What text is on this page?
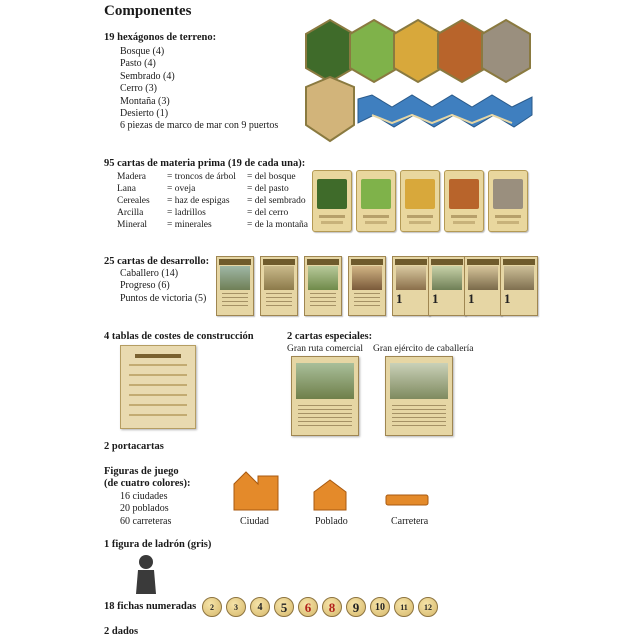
Componentes
19 hexágonos de terreno:
Bosque (4)
Pasto (4)
Sembrado (4)
Cerro (3)
Montaña (3)
Desierto (1)
6 piezas de marco de mar con 9 puertos
95 cartas de materia prima (19 de cada una):
Madera	= troncos de árbol	= del bosque
Lana	= oveja	= del pasto
Cereales	= haz de espigas	= del sembrado
Arcilla	= ladrillos	= del cerro
Mineral	= minerales	= de la montaña
25 cartas de desarrollo:
Caballero (14)
Progreso (6)
Puntos de victoria (5)	1 1 1 1
4 tablas de costes de construcción	2 cartas especiales:
Gran ruta comercial Gran ejército de caballería
2 portacartas
Figuras de juego
(de cuatro colores):
16 ciudades
20 poblados
60 carreteras	Ciudad	Poblado	Carretera
1 figura de ladrón (gris)
18 fichas numeradas	2	3	4	5	6	8	9	10	11	12
2 dados
